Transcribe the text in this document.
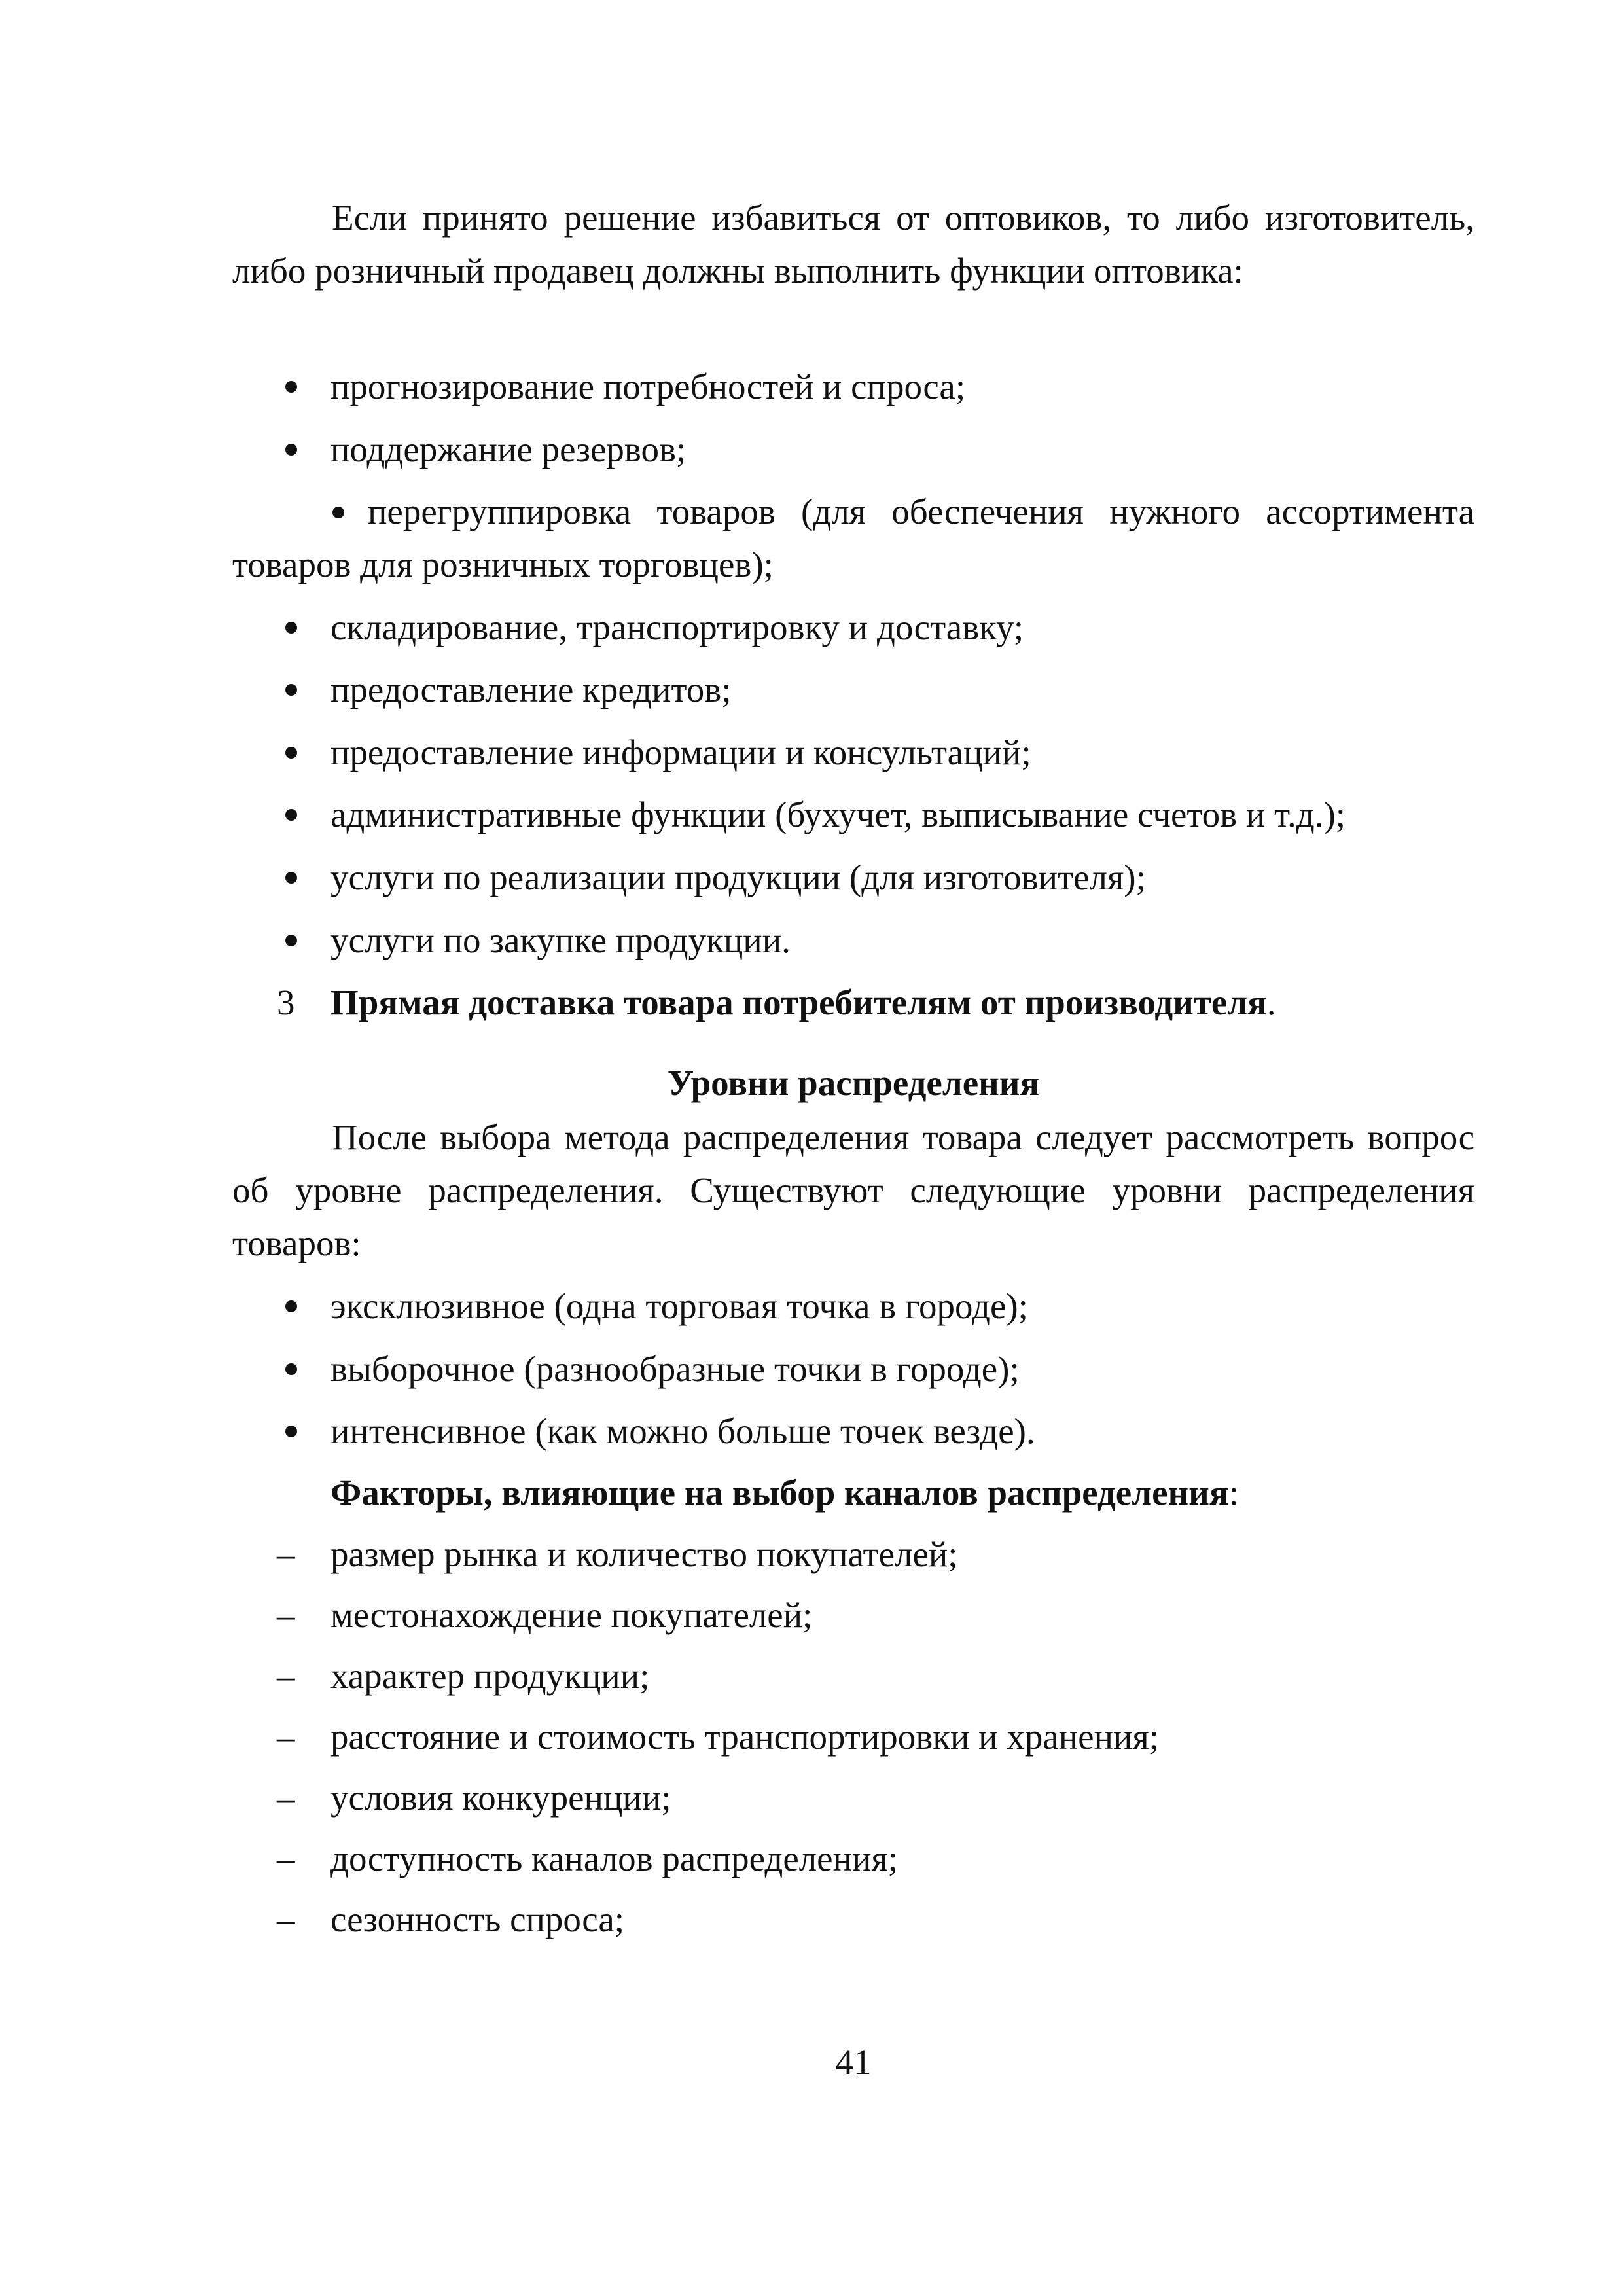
Если принято решение избавиться от оптовиков, то либо изготовитель, либо розничный продавец должны выполнить функции оптовика:

прогнозирование потребностей и спроса;
поддержание резервов;

перегруппировка товаров (для обеспечения нужного ассортимента товаров для розничных торговцев);

складирование, транспортировку и доставку;
предоставление кредитов;
предоставление информации и консультаций;
административные функции (бухучет, выписывание счетов и т.д.);
услуги по реализации продукции (для изготовителя);
услуги по закупке продукции.
3 Прямая доставка товара потребителям от производителя.
Уровни распределения

После выбора метода распределения товара следует рассмотреть вопрос об уровне распределения. Существуют следующие уровни распределения товаров:

эксклюзивное (одна торговая точка в городе);
выборочное (разнообразные точки в городе);
интенсивное (как можно больше точек везде).
Факторы, влияющие на выбор каналов распределения:
– размер рынка и количество покупателей;
– местонахождение покупателей;
– характер продукции;
– расстояние и стоимость транспортировки и хранения;
– условия конкуренции;
– доступность каналов распределения;
– сезонность спроса;
41
